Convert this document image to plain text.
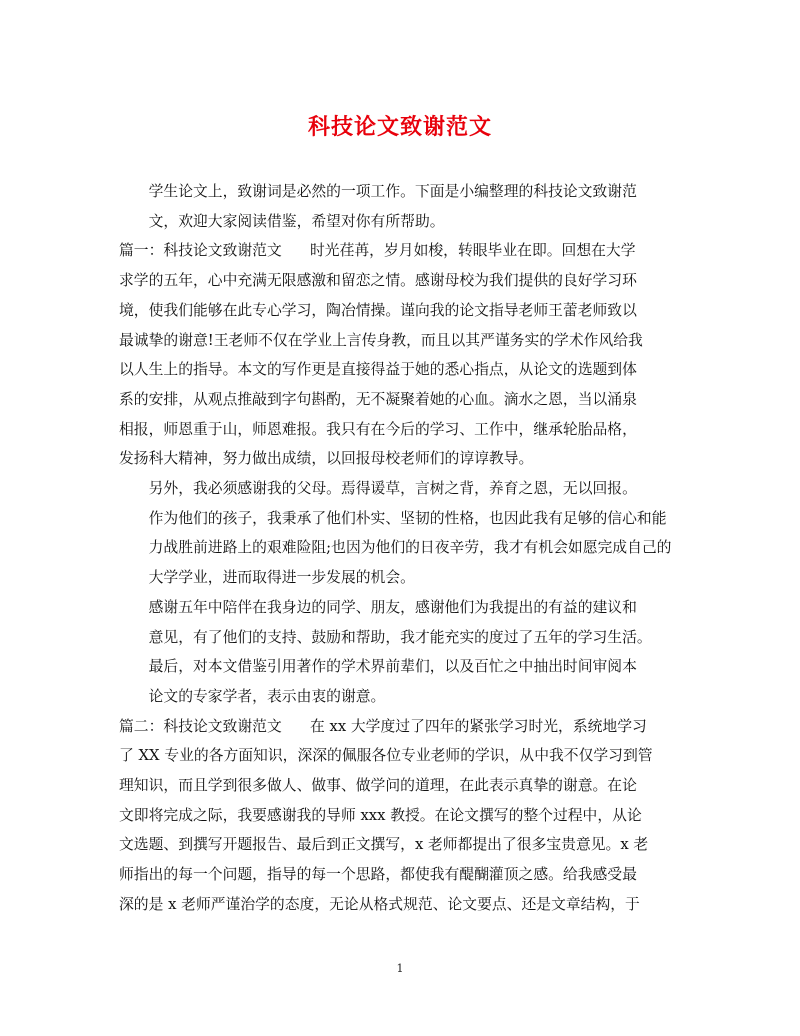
科技论文致谢范文

学生论文上，致谢词是必然的一项工作。下面是小编整理的科技论文致谢范
文，欢迎大家阅读借鉴，希望对你有所帮助。

篇一：科技论文致谢范文      时光荏苒，岁月如梭，转眼毕业在即。回想在大学
求学的五年，心中充满无限感激和留恋之情。感谢母校为我们提供的良好学习环
境，使我们能够在此专心学习，陶冶情操。谨向我的论文指导老师王蕾老师致以
最诚挚的谢意!王老师不仅在学业上言传身教，而且以其严谨务实的学术作风给我
以人生上的指导。本文的写作更是直接得益于她的悉心指点，从论文的选题到体
系的安排，从观点推敲到字句斟酌，无不凝聚着她的心血。滴水之恩，当以涌泉
相报，师恩重于山，师恩难报。我只有在今后的学习、工作中，继承轮胎品格，
发扬科大精神，努力做出成绩，以回报母校老师们的谆谆教导。

另外，我必须感谢我的父母。焉得谖草，言树之背，养育之恩，无以回报。
作为他们的孩子，我秉承了他们朴实、坚韧的性格，也因此我有足够的信心和能
力战胜前进路上的艰难险阻;也因为他们的日夜辛劳，我才有机会如愿完成自己的
大学学业，进而取得进一步发展的机会。

感谢五年中陪伴在我身边的同学、朋友，感谢他们为我提出的有益的建议和
意见，有了他们的支持、鼓励和帮助，我才能充实的度过了五年的学习生活。

最后，对本文借鉴引用著作的学术界前辈们，以及百忙之中抽出时间审阅本
论文的专家学者，表示由衷的谢意。

篇二：科技论文致谢范文      在 xx 大学度过了四年的紧张学习时光，系统地学习
了 XX 专业的各方面知识，深深的佩服各位专业老师的学识，从中我不仅学习到管
理知识，而且学到很多做人、做事、做学问的道理，在此表示真挚的谢意。在论
文即将完成之际，我要感谢我的导师 xxx 教授。在论文撰写的整个过程中，从论
文选题、到撰写开题报告、最后到正文撰写，x 老师都提出了很多宝贵意见。x 老
师指出的每一个问题，指导的每一个思路，都使我有醍醐灌顶之感。给我感受最
深的是 x 老师严谨治学的态度，无论从格式规范、论文要点、还是文章结构，于

1
